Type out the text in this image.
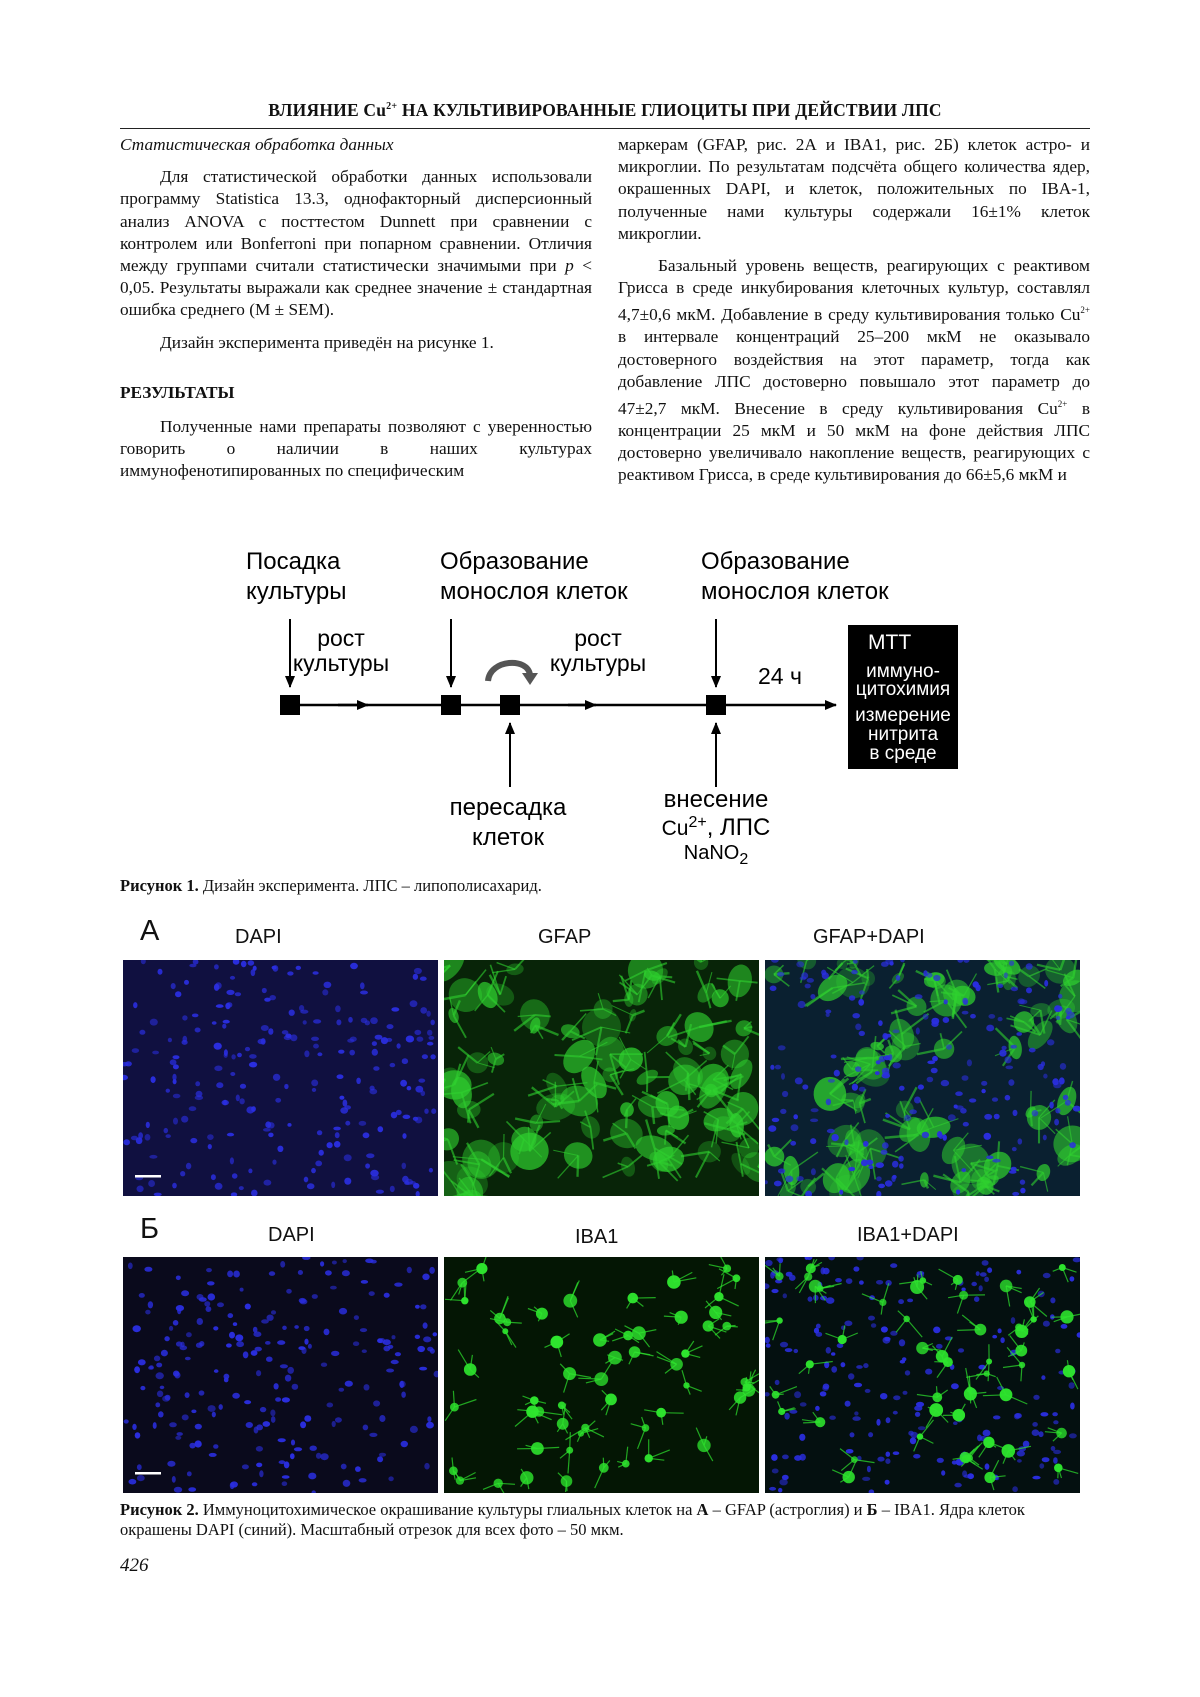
ВЛИЯНИЕ $Cu^{2+}$ НА КУЛЬТИВИРОВАННЫЕ ГЛИОЦИТЫ ПРИ ДЕЙСТВИИ ЛПС

Статистическая обработка данных

Для статистической обработки данных использовали программу Statistica 13.3, однофакторный дисперсионный анализ ANOVA с посттестом Dunnett при сравнении с контролем или Bonferroni при попарном сравнении. Отличия между группами считали статистически значимыми при p < 0,05. Результаты выражали как среднее значение ± стандартная ошибка среднего (M ± SEM).

Дизайн эксперимента приведён на рисунке 1.

РЕЗУЛЬТАТЫ

Полученные нами препараты позволяют с уверенностью говорить о наличии в наших культурах иммунофенотипированных по специфическим

маркерам (GFAP, рис. 2А и IBA1, рис. 2Б) клеток астро- и микроглии. По результатам подсчёта общего количества ядер, окрашенных DAPI, и клеток, положительных по IBA-1, полученные нами культуры содержали 16±1% клеток микроглии.

Базальный уровень веществ, реагирующих с реактивом Грисса в среде инкубирования клеточных культур, составлял 4,7±0,6 мкМ. Добавление в среду культивирования только $Cu^{2+}$ в интервале концентраций 25–200 мкМ не оказывало достоверного воздействия на этот параметр, тогда как добавление ЛПС достоверно повышало этот параметр до 47±2,7 мкМ. Внесение в среду культивирования $Cu^{2+}$ в концентрации 25 мкМ и 50 мкМ на фоне действия ЛПС достоверно увеличивало накопление веществ, реагирующих с реактивом Грисса, в среде культивирования до 66±5,6 мкМ и

Посадка
культуры
Образование
монослоя клеток
Образование
монослоя клеток
рост
культуры
рост
культуры	24 ч
пересадка
клеток
внесение
$Cu^{2+}$, ЛПС
NaNO$_2$
МТТ
иммуно-
цитохимия
измерение
нитрита
в среде
Рисунок 1. Дизайн эксперимента. ЛПС – липополисахарид.
А	DAPI	GFAP	GFAP+DAPI
Б	DAPI	IBA1	IBA1+DAPI
Рисунок 2. Иммуноцитохимическое окрашивание культуры глиальных клеток на А – GFAP (астроглия) и Б – IBA1. Ядра клеток окрашены DAPI (синий). Масштабный отрезок для всех фото – 50 мкм.
426
